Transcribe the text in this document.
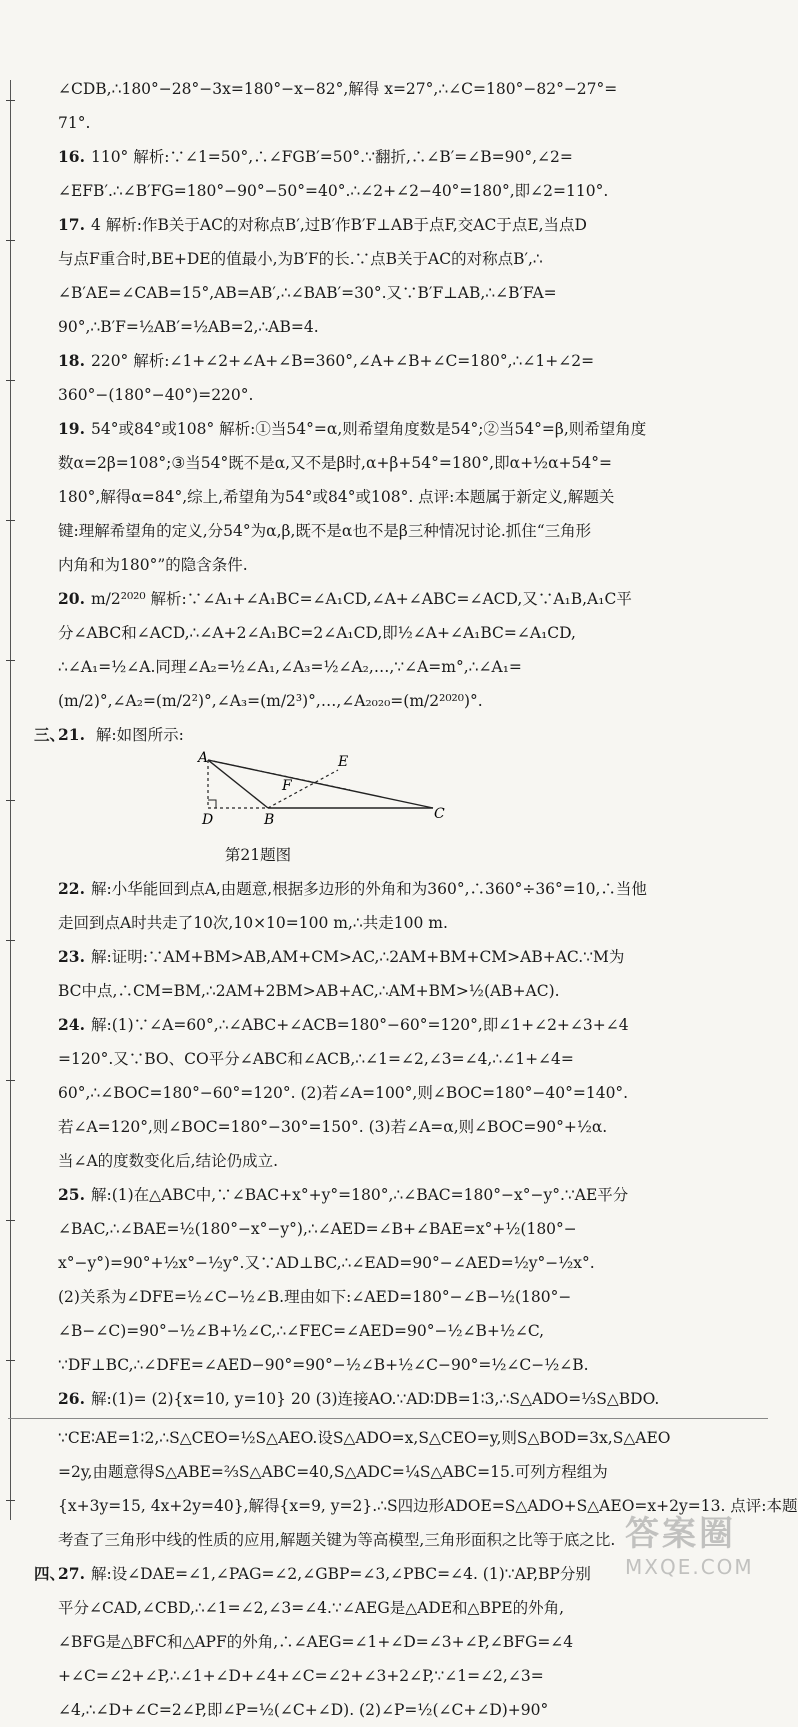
∠CDB,∴180°−28°−3x=180°−x−82°,解得 x=27°,∴∠C=180°−82°−27°=
71°.
16. 110° 解析:∵∠1=50°,∴∠FGB′=50°.∵翻折,∴∠B′=∠B=90°,∠2=
∠EFB′.∴∠B′FG=180°−90°−50°=40°.∴∠2+∠2−40°=180°,即∠2=110°.
17. 4 解析:作B关于AC的对称点B′,过B′作B′F⊥AB于点F,交AC于点E,当点D
与点F重合时,BE+DE的值最小,为B′F的长.∵点B关于AC的对称点B′,∴
∠B′AE=∠CAB=15°,AB=AB′,∴∠BAB′=30°.又∵B′F⊥AB,∴∠B′FA=
90°,∴B′F=½AB′=½AB=2,∴AB=4.
18. 220° 解析:∠1+∠2+∠A+∠B=360°,∠A+∠B+∠C=180°,∴∠1+∠2=
360°−(180°−40°)=220°.
19. 54°或84°或108° 解析:①当54°=α,则希望角度数是54°;②当54°=β,则希望角度
数α=2β=108°;③当54°既不是α,又不是β时,α+β+54°=180°,即α+½α+54°=
180°,解得α=84°,综上,希望角为54°或84°或108°. 点评:本题属于新定义,解题关
键:理解希望角的定义,分54°为α,β,既不是α也不是β三种情况讨论.抓住“三角形
内角和为180°”的隐含条件.
20. m/2²⁰²⁰ 解析:∵∠A₁+∠A₁BC=∠A₁CD,∠A+∠ABC=∠ACD,又∵A₁B,A₁C平
分∠ABC和∠ACD,∴∠A+2∠A₁BC=2∠A₁CD,即½∠A+∠A₁BC=∠A₁CD,
∴∠A₁=½∠A.同理∠A₂=½∠A₁,∠A₃=½∠A₂,…,∵∠A=m°,∴∠A₁=
(m/2)°,∠A₂=(m/2²)°,∠A₃=(m/2³)°,…,∠A₂₀₂₀=(m/2²⁰²⁰)°.
三、
21. 解:如图所示:
A	E
F
D	B	C
第21题图
22. 解:小华能回到点A,由题意,根据多边形的外角和为360°,∴360°÷36°=10,∴当他
走回到点A时共走了10次,10×10=100 m,∴共走100 m.
23. 解:证明:∵AM+BM>AB,AM+CM>AC,∴2AM+BM+CM>AB+AC.∵M为
BC中点,∴CM=BM,∴2AM+2BM>AB+AC,∴AM+BM>½(AB+AC).
24. 解:(1)∵∠A=60°,∴∠ABC+∠ACB=180°−60°=120°,即∠1+∠2+∠3+∠4
=120°.又∵BO、CO平分∠ABC和∠ACB,∴∠1=∠2,∠3=∠4,∴∠1+∠4=
60°,∴∠BOC=180°−60°=120°. (2)若∠A=100°,则∠BOC=180°−40°=140°.
若∠A=120°,则∠BOC=180°−30°=150°. (3)若∠A=α,则∠BOC=90°+½α.
当∠A的度数变化后,结论仍成立.
25. 解:(1)在△ABC中,∵∠BAC+x°+y°=180°,∴∠BAC=180°−x°−y°.∵AE平分
∠BAC,∴∠BAE=½(180°−x°−y°),∴∠AED=∠B+∠BAE=x°+½(180°−
x°−y°)=90°+½x°−½y°.又∵AD⊥BC,∴∠EAD=90°−∠AED=½y°−½x°.
(2)关系为∠DFE=½∠C−½∠B.理由如下:∠AED=180°−∠B−½(180°−
∠B−∠C)=90°−½∠B+½∠C,∴∠FEC=∠AED=90°−½∠B+½∠C,
∵DF⊥BC,∴∠DFE=∠AED−90°=90°−½∠B+½∠C−90°=½∠C−½∠B.
26. 解:(1)= (2){x=10, y=10} 20 (3)连接AO.∵AD∶DB=1∶3,∴S△ADO=⅓S△BDO.
∵CE∶AE=1∶2,∴S△CEO=½S△AEO.设S△ADO=x,S△CEO=y,则S△BOD=3x,S△AEO
=2y,由题意得S△ABE=⅔S△ABC=40,S△ADC=¼S△ABC=15.可列方程组为
{x+3y=15, 4x+2y=40},解得{x=9, y=2}.∴S四边形ADOE=S△ADO+S△AEO=x+2y=13. 点评:本题
考查了三角形中线的性质的应用,解题关键为等高模型,三角形面积之比等于底之比.
四、
27. 解:设∠DAE=∠1,∠PAG=∠2,∠GBP=∠3,∠PBC=∠4. (1)∵AP,BP分别
平分∠CAD,∠CBD,∴∠1=∠2,∠3=∠4.∵∠AEG是△ADE和△BPE的外角,
∠BFG是△BFC和△APF的外角,∴∠AEG=∠1+∠D=∠3+∠P,∠BFG=∠4
+∠C=∠2+∠P,∴∠1+∠D+∠4+∠C=∠2+∠3+2∠P,∵∠1=∠2,∠3=
∠4,∴∠D+∠C=2∠P,即∠P=½(∠C+∠D). (2)∠P=½(∠C+∠D)+90°
答案圈
MXQE.COM
